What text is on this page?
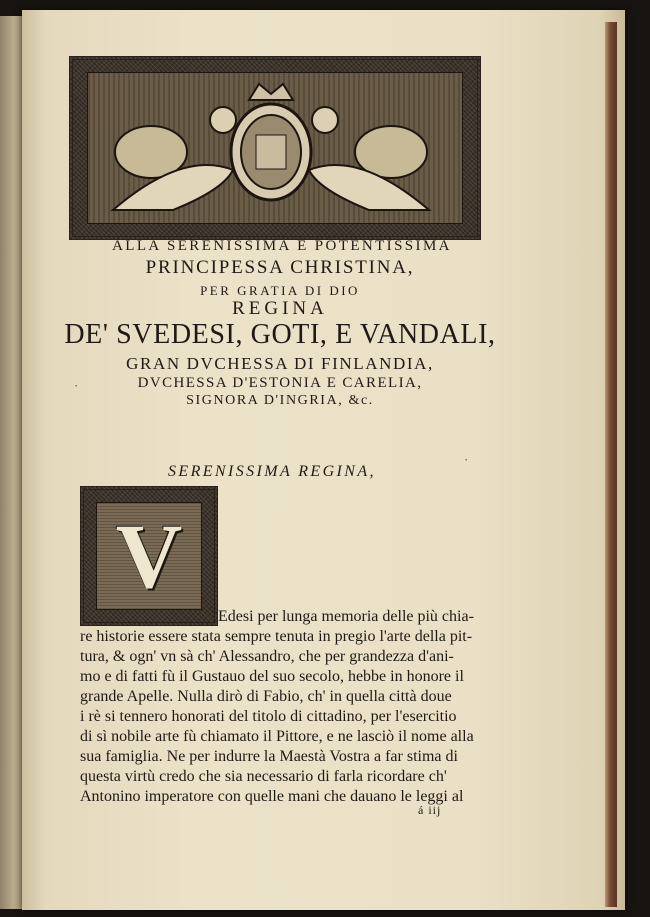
ALLA SERENISSIMA E POTENTISSIMA
PRINCIPESSA CHRISTINA,
PER GRATIA DI DIO
REGINA
DE' SVEDESI, GOTI, E VANDALI,
GRAN DVCHESSA DI FINLANDIA,
DVCHESSA D'ESTONIA E CARELIA,
SIGNORA D'INGRIA, &c.
SERENISSIMA REGINA,
V
Edesi per lunga memoria delle più chia-
re historie essere stata sempre tenuta in pregio l'arte della pit-
tura, & ogn' vn sà ch' Alessandro, che per grandezza d'ani-
mo e di fatti fù il Gustauo del suo secolo, hebbe in honore il
grande Apelle. Nulla dirò di Fabio, ch' in quella città doue
i rè si tennero honorati del titolo di cittadino, per l'esercitio
di sì nobile arte fù chiamato il Pittore, e ne lasciò il nome alla
sua famiglia. Ne per indurre la Maestà Vostra a far stima di
questa virtù credo che sia necessario di farla ricordare ch'
Antonino imperatore con quelle mani che dauano le leggi al
á iij
·
·
